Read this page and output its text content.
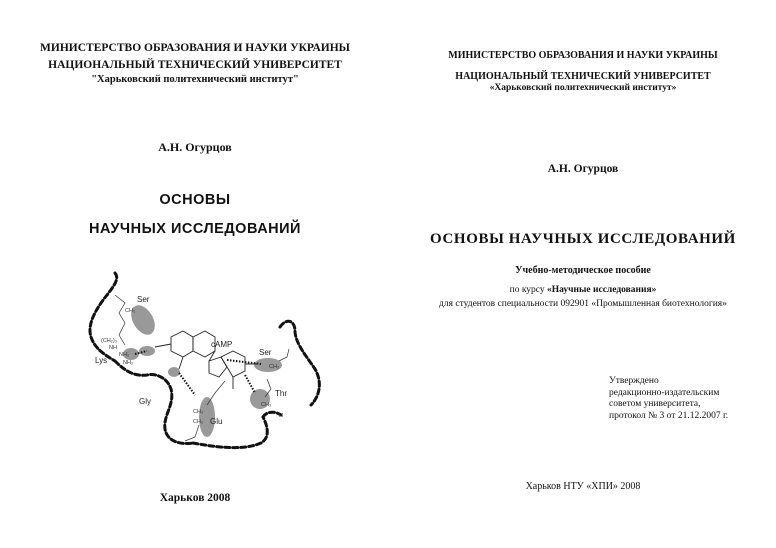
МИНИСТЕРСТВО ОБРАЗОВАНИЯ И НАУКИ УКРАИНЫ
НАЦИОНАЛЬНЫЙ ТЕХНИЧЕСКИЙ УНИВЕРСИТЕТ
"Харьковский политехнический институт"
А.Н. Огурцов
ОСНОВЫ
НАУЧНЫХ ИССЛЕДОВАНИЙ
Ser
Lys
Gly
Glu
cAMP
Ser
Thr
(CH₂)₃
NH
NH₂
NH₂
CH₂
CH₂
CH₂
CH₃
H
CH₂
Харьков 2008
МИНИСТЕРСТВО ОБРАЗОВАНИЯ И НАУКИ УКРАИНЫ
НАЦИОНАЛЬНЫЙ ТЕХНИЧЕСКИЙ УНИВЕРСИТЕТ
«Харьковский политехнический институт»
А.Н. Огурцов
ОСНОВЫ НАУЧНЫХ ИССЛЕДОВАНИЙ
Учебно-методическое пособие
по курсу «Научные исследования»
для студентов специальности 092901 «Промышленная биотехнология»
Утверждено
редакционно-издательским
советом университета,
протокол № 3 от 21.12.2007 г.
Харьков НТУ «ХПИ» 2008
